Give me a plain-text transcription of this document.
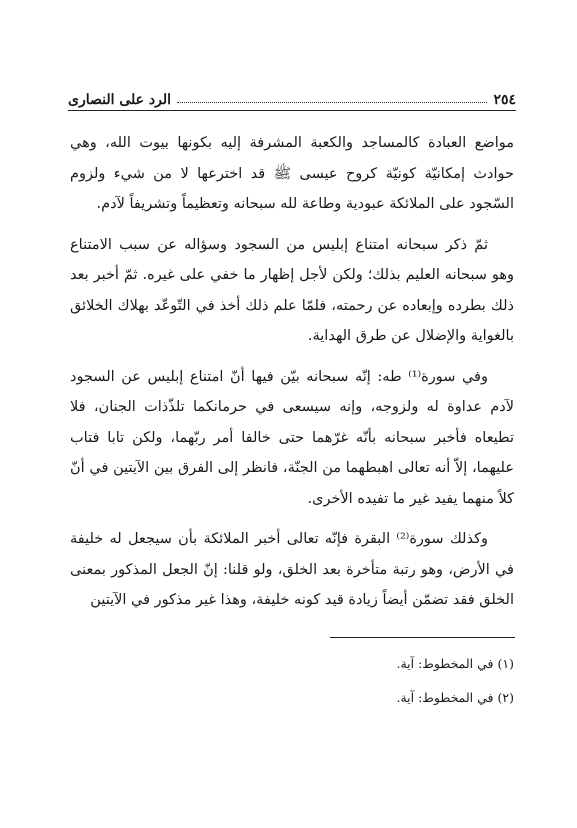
٢٥٤
الرد على النصارى

مواضع العبادة كالمساجد والكعبة المشرفة إليه بكونها بيوت الله، وهي حوادث إمكانيّة كونيّة كروح عيسى ﷺ قد اخترعها لا من شيء ولزوم السّجود على الملائكة عبودية وطاعة لله سبحانه وتعظيماً وتشريفاً لآدم.

ثمّ ذكر سبحانه امتناع إبليس من السجود وسؤاله عن سبب الامتناع وهو سبحانه العليم بذلك؛ ولكن لأجل إظهار ما خفي على غيره. ثمّ أخبر بعد ذلك بطرده وإبعاده عن رحمته، فلمّا علم ذلك أخذ في التّوعّد بهلاك الخلائق بالغواية والإضلال عن طرق الهداية.

وفي سورة⁽¹⁾ طه: إنّه سبحانه بيّن فيها أنّ امتناع إبليس عن السجود لآدم عداوة له ولزوجه، وإنه سيسعى في حرمانكما تلذّذات الجنان، فلا تطيعاه فأخبر سبحانه بأنّه غرّهما حتى خالفا أمر ربّهما، ولكن تابا فتاب عليهما، إلاّ أنه تعالى اهبطهما من الجنّة، فانظر إلى الفرق بين الآيتين في أنّ كلاً منهما يفيد غير ما تفيده الأخرى.

وكذلك سورة⁽²⁾ البقرة فإنّه تعالى أخبر الملائكة بأن سيجعل له خليفة في الأرض، وهو رتبة متأخرة بعد الخلق، ولو قلنا: إنّ الجعل المذكور بمعنى الخلق فقد تضمّن أيضاً زيادة قيد كونه خليفة، وهذا غير مذكور في الآيتين

(١) في المخطوط: آية.
(٢) في المخطوط: آية.
